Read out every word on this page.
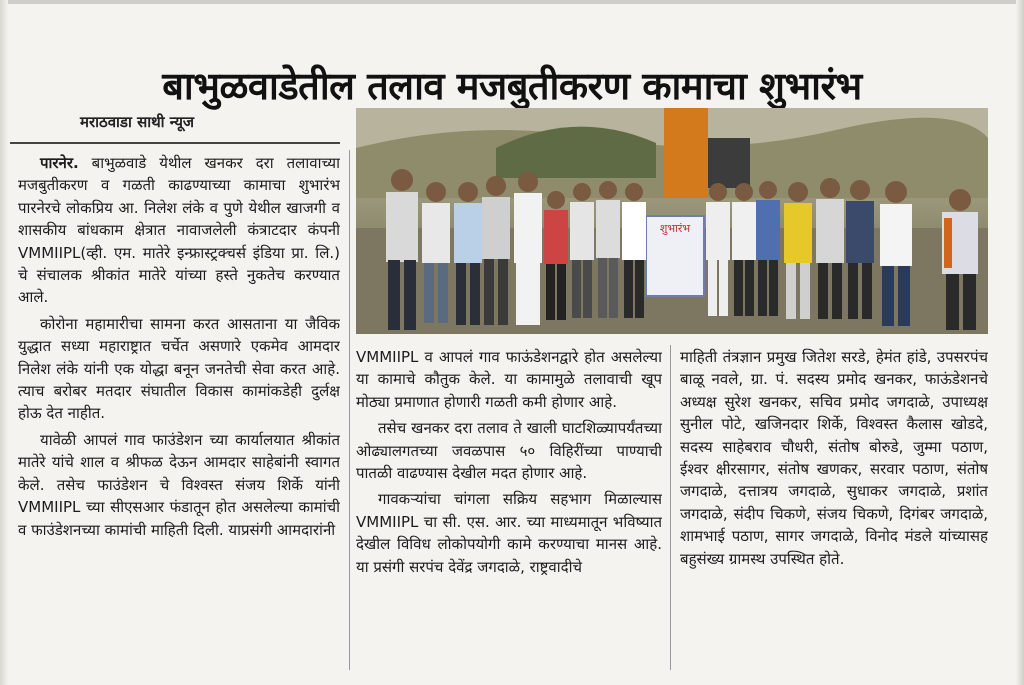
बाभुळवाडेतील तलाव मजबुतीकरण कामाचा शुभारंभ
मराठवाडा साथी न्यूज
शुभारंभ

पारनेर. बाभुळवाडे येथील खनकर दरा तलावाच्या मजबुतीकरण व गळती काढण्याच्या कामाचा शुभारंभ पारनेरचे लोकप्रिय आ. निलेश लंके व पुणे येथील खाजगी व शासकीय बांधकाम क्षेत्रात नावाजलेली कंत्राटदार कंपनी VMMIIPL(व्ही. एम. मातेरे इन्फ्रास्ट्रक्चर्स इंडिया प्रा. लि.) चे संचालक श्रीकांत मातेरे यांच्या हस्ते नुकतेच करण्यात आले.

कोरोना महामारीचा सामना करत आसताना या जैविक युद्धात सध्या महाराष्ट्रात चर्चेत असणारे एकमेव आमदार निलेश लंके यांनी एक योद्धा बनून जनतेची सेवा करत आहे. त्याच बरोबर मतदार संघातील विकास कामांकडेही दुर्लक्ष होऊ देत नाहीत.

यावेळी आपलं गाव फाउंडेशन च्या कार्यालयात श्रीकांत मातेरे यांचे शाल व श्रीफळ देऊन आमदार साहेबांनी स्वागत केले. तसेच फाउंडेशन चे विश्वस्त संजय शिर्के यांनी VMMIIPL च्या सीएसआर फंडातून होत असलेल्या कामांची व फाउंडेशनच्या कामांची माहिती दिली. याप्रसंगी आमदारांनी

VMMIIPL व आपलं गाव फाऊंडेशनद्वारे होत असलेल्या या कामाचे कौतुक केले. या कामामुळे तलावाची खूप मोठ्या प्रमाणात होणारी गळती कमी होणार आहे.

तसेच खनकर दरा तलाव ते खाली घाटशिळ्यापर्यंतच्या ओढ्यालगतच्या जवळपास ५० विहिरींच्या पाण्याची पातळी वाढण्यास देखील मदत होणार आहे.

गावकऱ्यांचा चांगला सक्रिय सहभाग मिळाल्यास VMMIIPL चा सी. एस. आर. च्या माध्यमातून भविष्यात देखील विविध लोकोपयोगी कामे करण्याचा मानस आहे. या प्रसंगी सरपंच देवेंद्र जगदाळे, राष्ट्रवादीचे

माहिती तंत्रज्ञान प्रमुख जितेश सरडे, हेमंत हांडे, उपसरपंच बाळू नवले, ग्रा. पं. सदस्य प्रमोद खनकर, फाऊंडेशनचे अध्यक्ष सुरेश खनकर, सचिव प्रमोद जगदाळे, उपाध्यक्ष सुनील पोटे, खजिनदार शिर्के, विश्वस्त कैलास खोडदे, सदस्य साहेबराव चौधरी, संतोष बोरुडे, जुम्मा पठाण, ईश्वर क्षीरसागर, संतोष खणकर, सरवार पठाण, संतोष जगदाळे, दत्तात्रय जगदाळे, सुधाकर जगदाळे, प्रशांत जगदाळे, संदीप चिकणे, संजय चिकणे, दिगंबर जगदाळे, शामभाई पठाण, सागर जगदाळे, विनोद मंडले यांच्यासह बहुसंख्य ग्रामस्थ उपस्थित होते.
